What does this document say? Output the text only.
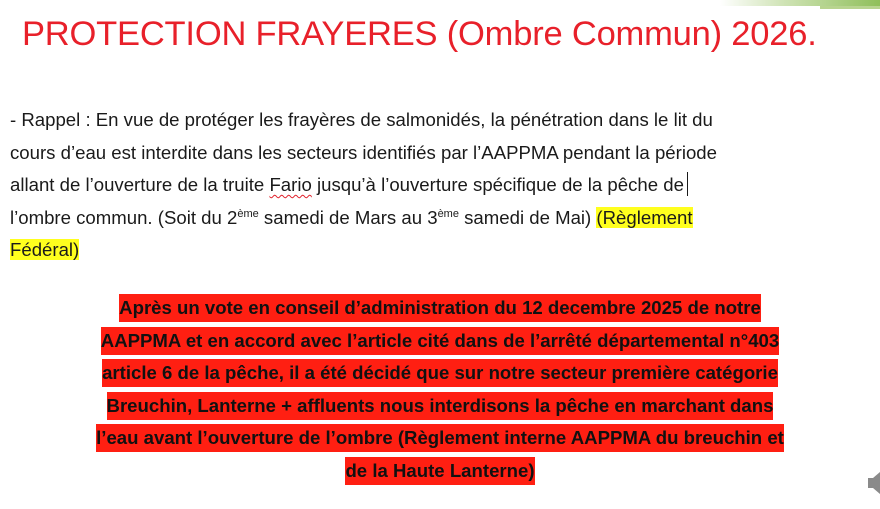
PROTECTION FRAYERES (Ombre Commun) 2026.
- Rappel : En vue de protéger les frayères de salmonidés, la pénétration dans le lit du
cours d’eau est interdite dans les secteurs identifiés par l’AAPPMA pendant la période
allant de l’ouverture de la truite Fario jusqu’à l’ouverture spécifique de la pêche de
l’ombre commun. (Soit du 2ème samedi de Mars au 3ème samedi de Mai) (Règlement
Fédéral)
Après un vote en conseil d’administration du 12 decembre 2025 de notre
AAPPMA et en accord avec l’article cité dans de l’arrêté départemental n°403
article 6 de la pêche, il a été décidé que sur notre secteur première catégorie
Breuchin, Lanterne + affluents nous interdisons la pêche en marchant dans
l’eau avant l’ouverture de l’ombre (Règlement interne AAPPMA du breuchin et
de la Haute Lanterne)
